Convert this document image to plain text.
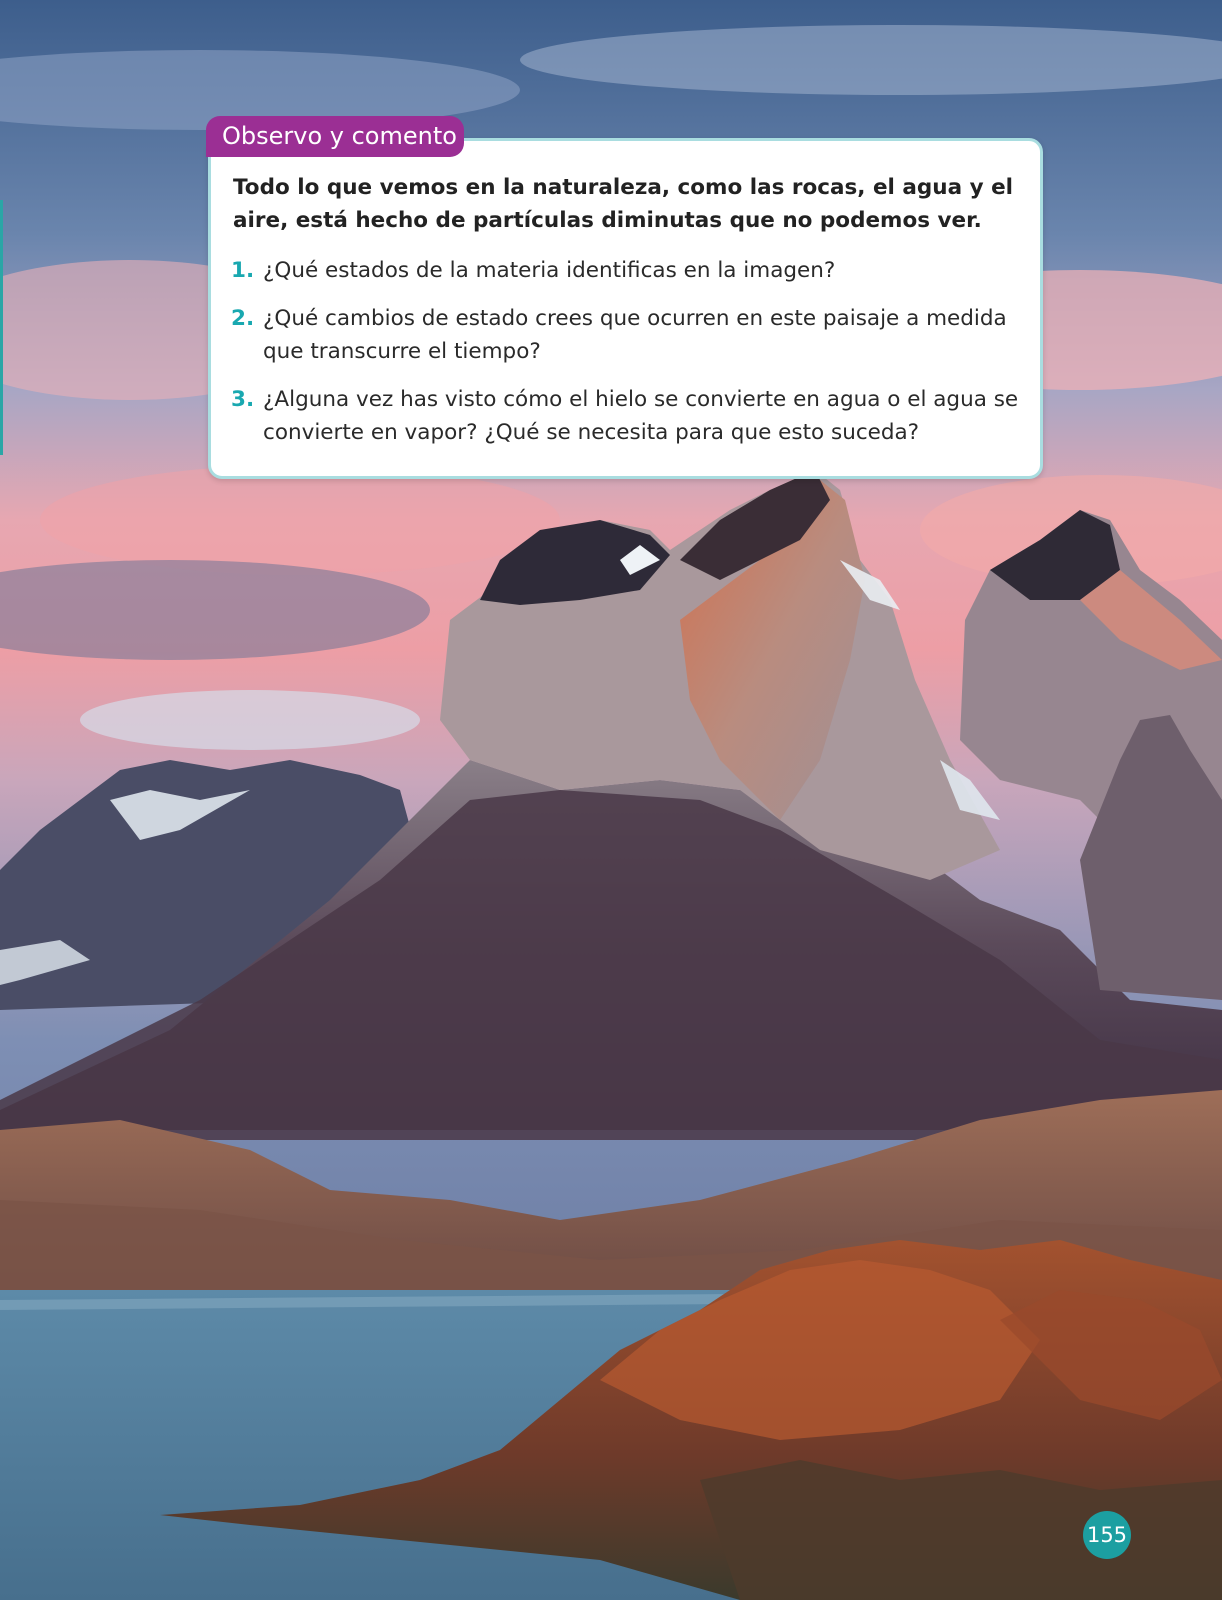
Observo y comento
Todo lo que vemos en la naturaleza, como las rocas, el agua y el aire, está hecho de partículas diminutas que no podemos ver.
1. ¿Qué estados de la materia identificas en la imagen?
2. ¿Qué cambios de estado crees que ocurren en este paisaje a medida que transcurre el tiempo?
3. ¿Alguna vez has visto cómo el hielo se convierte en agua o el agua se convierte en vapor? ¿Qué se necesita para que esto suceda?
155
